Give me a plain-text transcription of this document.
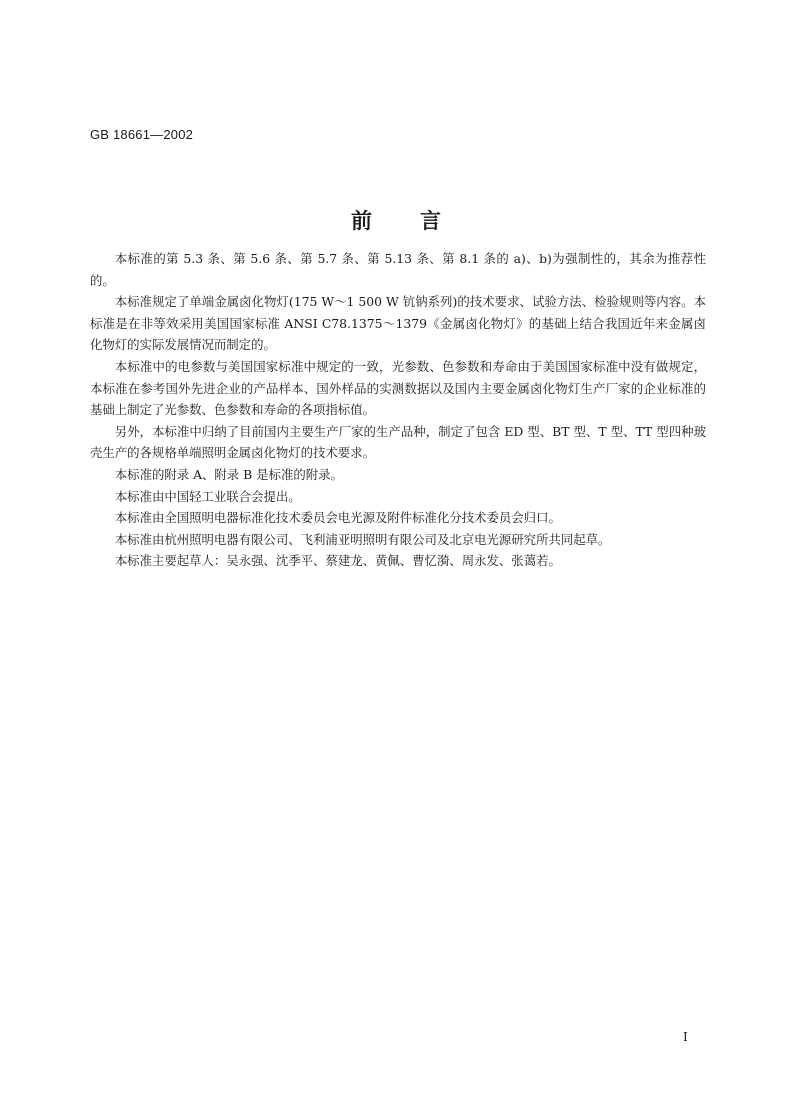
GB 18661—2002
前言

本标准的第 5.3 条、第 5.6 条、第 5.7 条、第 5.13 条、第 8.1 条的 a)、b)为强制性的，其余为推荐性的。

本标准规定了单端金属卤化物灯(175 W～1 500 W 钪钠系列)的技术要求、试验方法、检验规则等内容。本标准是在非等效采用美国国家标准 ANSI C78.1375～1379《金属卤化物灯》的基础上结合我国近年来金属卤化物灯的实际发展情况而制定的。

本标准中的电参数与美国国家标准中规定的一致，光参数、色参数和寿命由于美国国家标准中没有做规定，本标准在参考国外先进企业的产品样本、国外样品的实测数据以及国内主要金属卤化物灯生产厂家的企业标准的基础上制定了光参数、色参数和寿命的各项指标值。

另外，本标准中归纳了目前国内主要生产厂家的生产品种，制定了包含 ED 型、BT 型、T 型、TT 型四种玻壳生产的各规格单端照明金属卤化物灯的技术要求。

本标准的附录 A、附录 B 是标准的附录。

本标准由中国轻工业联合会提出。

本标准由全国照明电器标准化技术委员会电光源及附件标准化分技术委员会归口。

本标准由杭州照明电器有限公司、飞利浦亚明照明有限公司及北京电光源研究所共同起草。

本标准主要起草人：吴永强、沈季平、蔡建龙、黄佩、曹忆漪、周永发、张蔼若。

I
